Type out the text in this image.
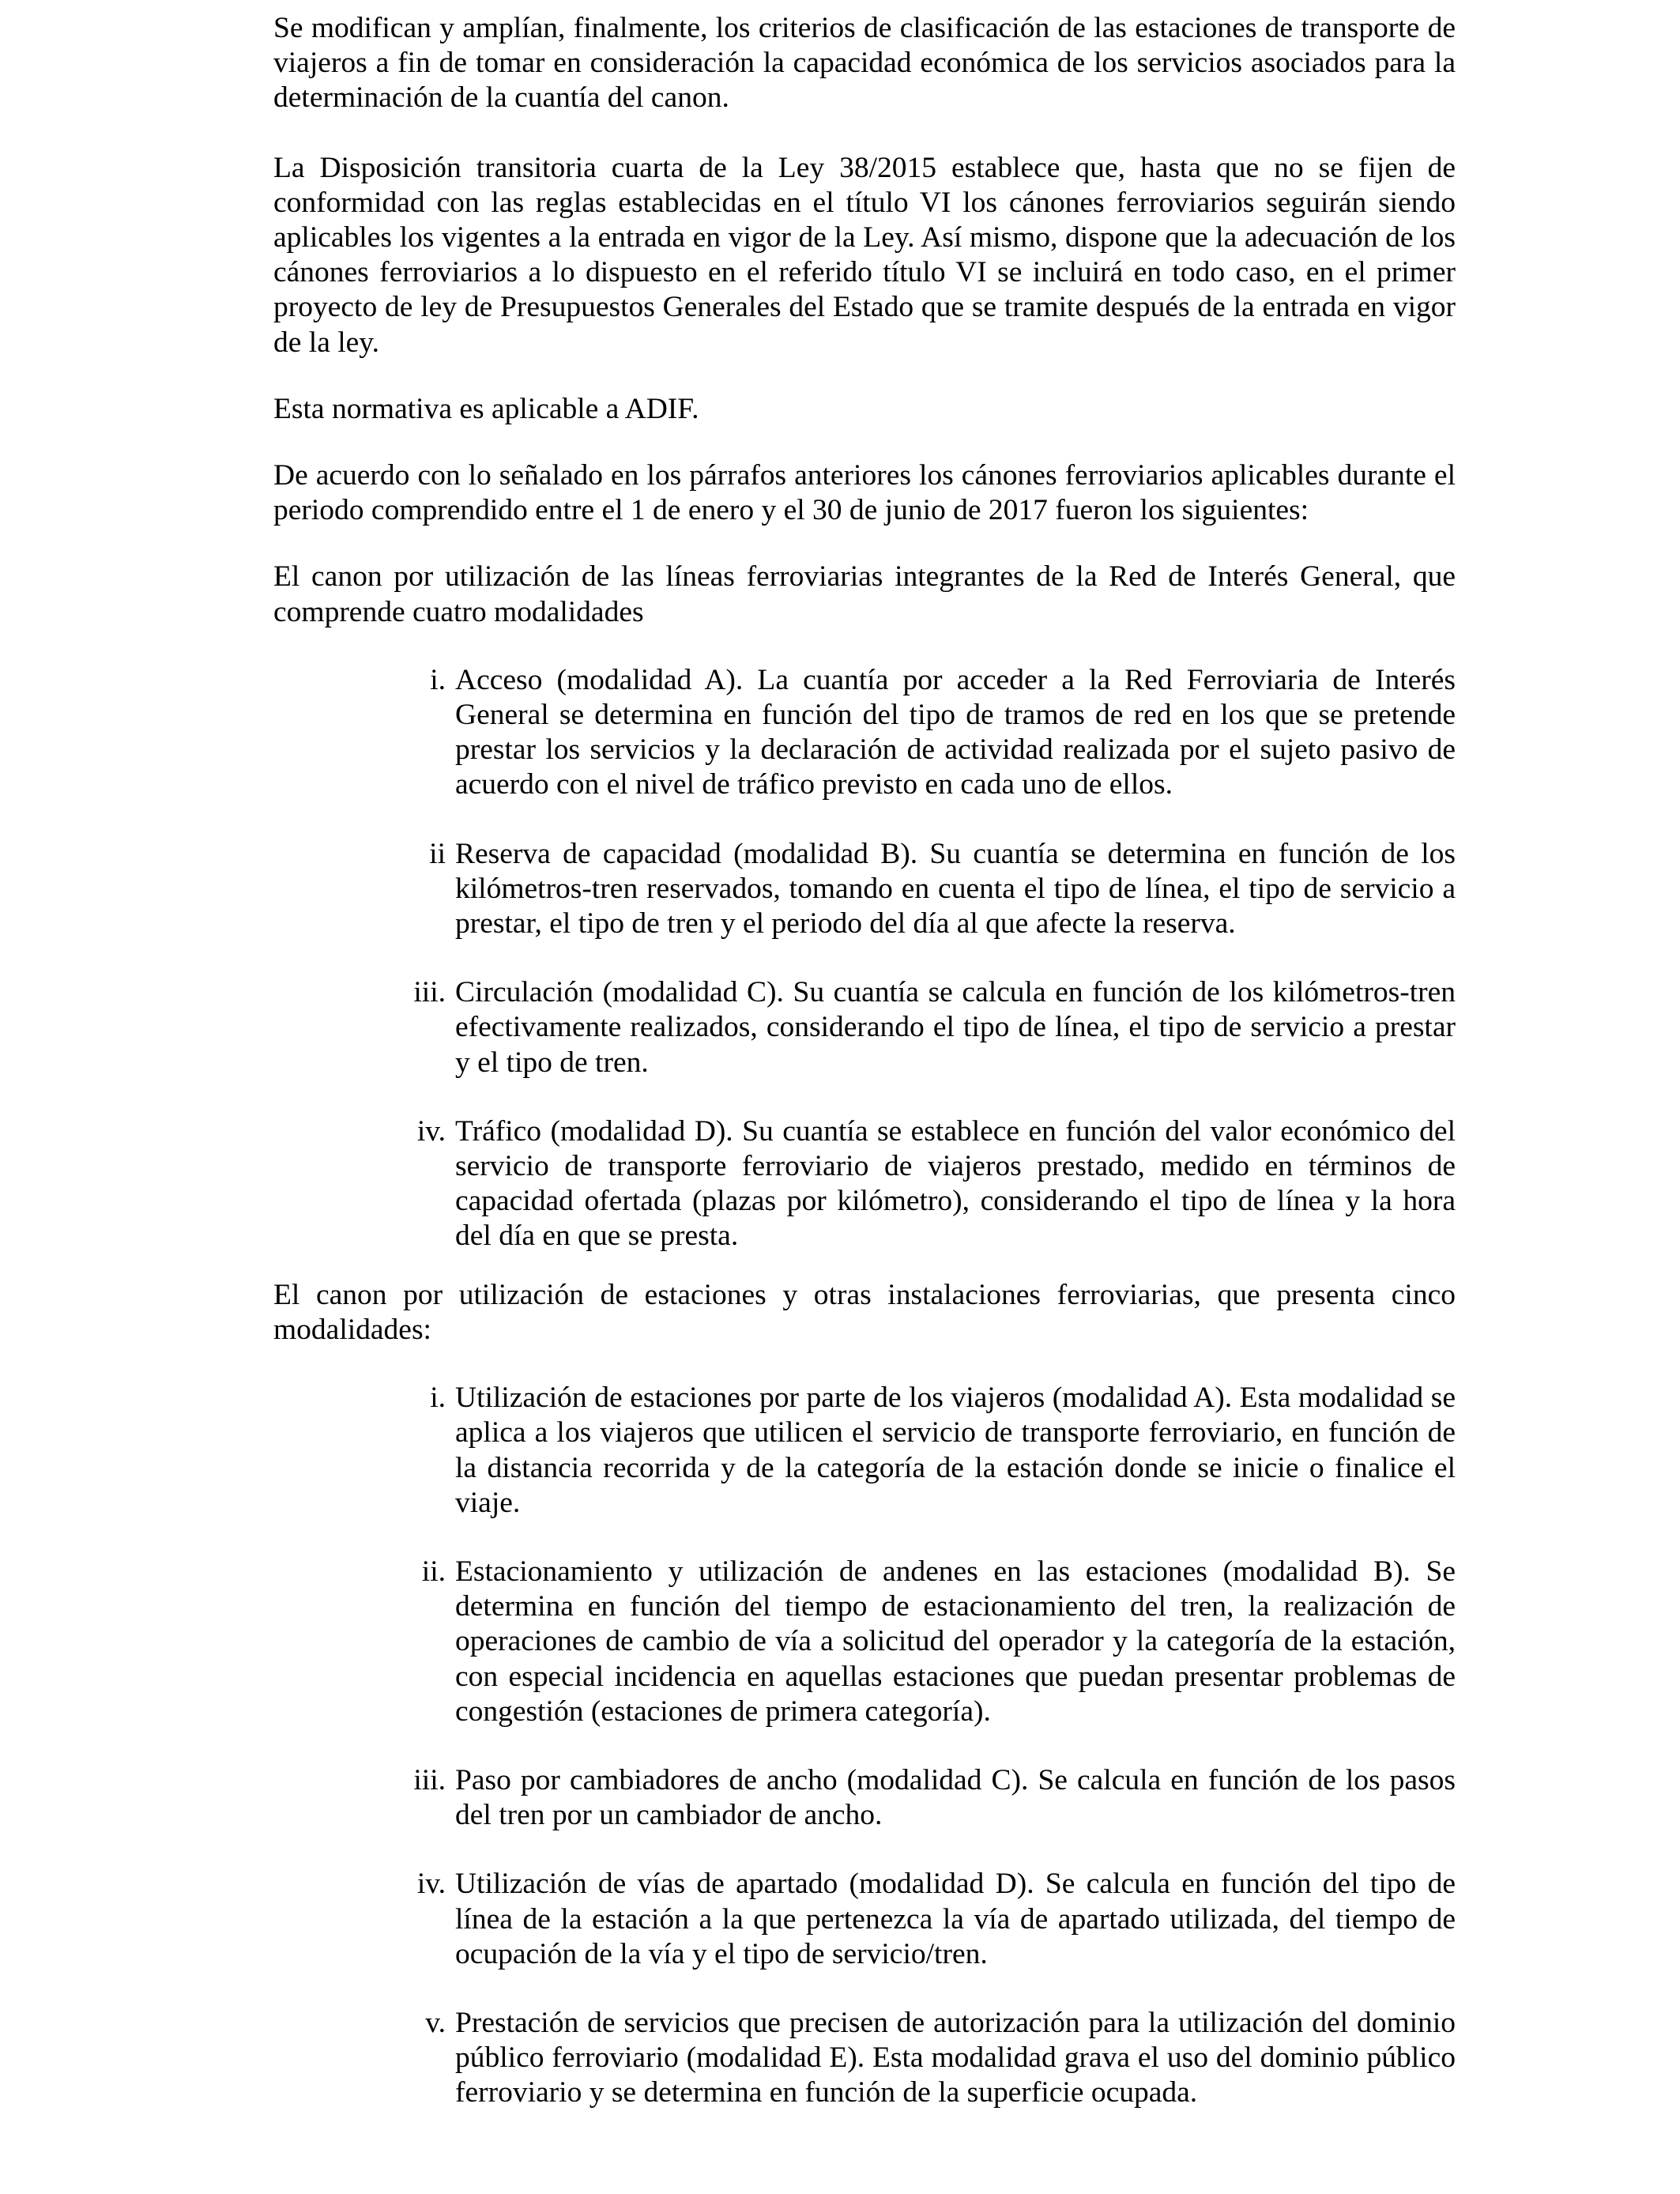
Se modifican y amplían, finalmente, los criterios de clasificación de las estaciones de transporte de viajeros a fin de tomar en consideración la capacidad económica de los servicios asociados para la determinación de la cuantía del canon.

La Disposición transitoria cuarta de la Ley 38/2015 establece que, hasta que no se fijen de conformidad con las reglas establecidas en el título VI los cánones ferroviarios seguirán siendo aplicables los vigentes a la entrada en vigor de la Ley. Así mismo, dispone que la adecuación de los cánones ferroviarios a lo dispuesto en el referido título VI se incluirá en todo caso, en el primer proyecto de ley de Presupuestos Generales del Estado que se tramite después de la entrada en vigor de la ley.

Esta normativa es aplicable a ADIF.

De acuerdo con lo señalado en los párrafos anteriores los cánones ferroviarios aplicables durante el periodo comprendido entre el 1 de enero y el 30 de junio de 2017 fueron los siguientes:

El canon por utilización de las líneas ferroviarias integrantes de la Red de Interés General, que comprende cuatro modalidades

i. Acceso (modalidad A). La cuantía por acceder a la Red Ferroviaria de Interés General se determina en función del tipo de tramos de red en los que se pretende prestar los servicios y la declaración de actividad realizada por el sujeto pasivo de acuerdo con el nivel de tráfico previsto en cada uno de ellos.
ii Reserva de capacidad (modalidad B). Su cuantía se determina en función de los kilómetros-tren reservados, tomando en cuenta el tipo de línea, el tipo de servicio a prestar, el tipo de tren y el periodo del día al que afecte la reserva.
iii. Circulación (modalidad C). Su cuantía se calcula en función de los kilómetros-tren efectivamente realizados, considerando el tipo de línea, el tipo de servicio a prestar y el tipo de tren.
iv. Tráfico (modalidad D). Su cuantía se establece en función del valor económico del servicio de transporte ferroviario de viajeros prestado, medido en términos de capacidad ofertada (plazas por kilómetro), considerando el tipo de línea y la hora del día en que se presta.

El canon por utilización de estaciones y otras instalaciones ferroviarias, que presenta cinco modalidades:

i. Utilización de estaciones por parte de los viajeros (modalidad A). Esta modalidad se aplica a los viajeros que utilicen el servicio de transporte ferroviario, en función de la distancia recorrida y de la categoría de la estación donde se inicie o finalice el viaje.
ii. Estacionamiento y utilización de andenes en las estaciones (modalidad B). Se determina en función del tiempo de estacionamiento del tren, la realización de operaciones de cambio de vía a solicitud del operador y la categoría de la estación, con especial incidencia en aquellas estaciones que puedan presentar problemas de congestión (estaciones de primera categoría).
iii. Paso por cambiadores de ancho (modalidad C). Se calcula en función de los pasos del tren por un cambiador de ancho.
iv. Utilización de vías de apartado (modalidad D). Se calcula en función del tipo de línea de la estación a la que pertenezca la vía de apartado utilizada, del tiempo de ocupación de la vía y el tipo de servicio/tren.
v. Prestación de servicios que precisen de autorización para la utilización del dominio público ferroviario (modalidad E). Esta modalidad grava el uso del dominio público ferroviario y se determina en función de la superficie ocupada.
